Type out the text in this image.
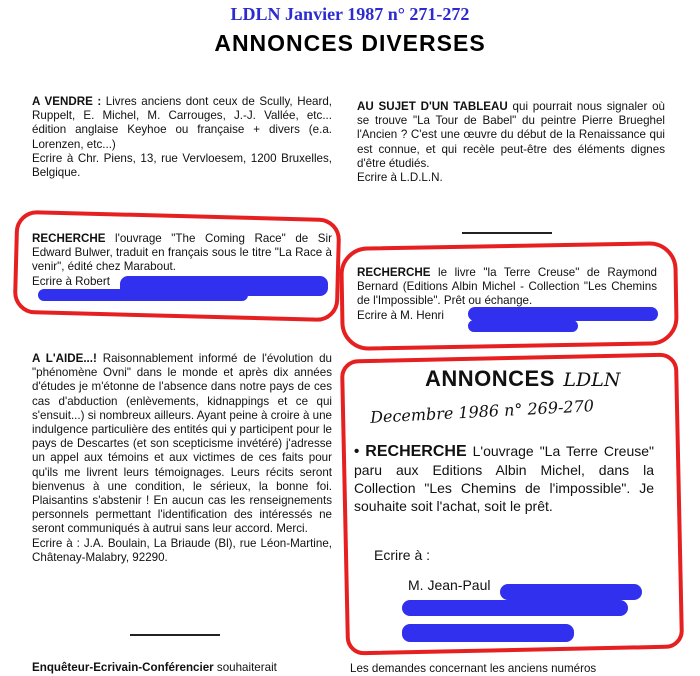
LDLN Janvier 1987 n° 271-272
ANNONCES DIVERSES
A VENDRE : Livres anciens dont ceux de Scully, Heard, Ruppelt, E. Michel, M. Carrouges, J.-J. Vallée, etc... édition anglaise Keyhoe ou française + divers (e.a. Lorenzen, etc...)
Ecrire à Chr. Piens, 13, rue Vervloesem, 1200 Bruxelles, Belgique.
RECHERCHE l'ouvrage "The Coming Race" de Sir Edward Bulwer, traduit en français sous le titre "La Race à venir", édité chez Marabout.
Ecrire à Robert
A L'AIDE...! Raisonnablement informé de l'évolution du "phénomène Ovni" dans le monde et après dix années d'études je m'étonne de l'absence dans notre pays de ces cas d'abduction (enlèvements, kidnappings et ce qui s'ensuit...) si nombreux ailleurs. Ayant peine à croire à une indulgence particulière des entités qui y participent pour le pays de Descartes (et son scepticisme invétéré) j'adresse un appel aux témoins et aux victimes de ces faits pour qu'ils me livrent leurs témoignages. Leurs récits seront bienvenus à une condition, le sérieux, la bonne foi. Plaisantins s'abstenir ! En aucun cas les renseignements personnels permettant l'identification des intéressés ne seront communiqués à autrui sans leur accord. Merci.
Ecrire à : J.A. Boulain, La Briaude (Bl), rue Léon-Martine, Châtenay-Malabry, 92290.
Enquêteur-Ecrivain-Conférencier souhaiterait
AU SUJET D'UN TABLEAU qui pourrait nous signaler où se trouve "La Tour de Babel" du peintre Pierre Brueghel l'Ancien ? C'est une œuvre du début de la Renaissance qui est connue, et qui recèle peut-être des éléments dignes d'être étudiés.
Ecrire à L.D.L.N.
RECHERCHE le livre "la Terre Creuse" de Raymond Bernard (Editions Albin Michel - Collection "Les Chemins de l'Impossible". Prêt ou échange.
Ecrire à M. Henri
ANNONCES LDLN
Decembre 1986 n° 269-270
• RECHERCHE L'ouvrage "La Terre Creuse" paru aux Editions Albin Michel, dans la Collection "Les Chemins de l'impossible". Je souhaite soit l'achat, soit le prêt.
Ecrire à :
M. Jean-Paul
Les demandes concernant les anciens numéros
